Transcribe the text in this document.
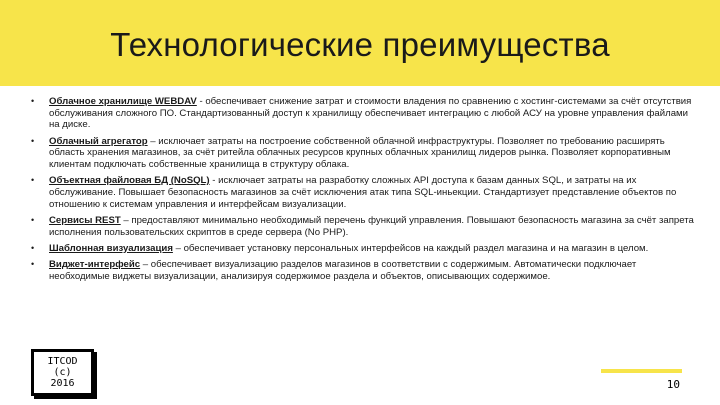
Технологические преимущества
• Облачное хранилище WEBDAV - обеспечивает снижение затрат и стоимости владения по сравнению с хостинг-системами за счёт отсутствия обслуживания сложного ПО. Стандартизованный доступ к хранилищу обеспечивает интеграцию с любой АСУ на уровне управления файлами на диске.
• Облачный агрегатор – исключает затраты на построение собственной облачной инфраструктуры. Позволяет по требованию расширять область хранения магазинов, за счёт ритейла облачных ресурсов крупных облачных хранилищ лидеров рынка. Позволяет корпоративным клиентам подключать собственные хранилища в структуру облака.
• Объектная файловая БД (NoSQL) - исключает затраты на разработку сложных API доступа к базам данных SQL, и затраты на их обслуживание. Повышает безопасность магазинов за счёт исключения атак типа SQL-иньекции. Стандартизует представление объектов по отношению к системам управления и интерфейсам визуализации.
• Сервисы REST – предоставляют минимально необходимый перечень функций управления. Повышают безопасность магазина за счёт запрета исполнения пользовательских скриптов в среде сервера (No PHP).
• Шаблонная визуализация – обеспечивает установку персональных интерфейсов на каждый раздел магазина и на магазин в целом.
• Виджет-интерфейс – обеспечивает визуализацию разделов магазинов в соответствии с содержимым. Автоматически подключает необходимые виджеты визуализации, анализируя содержимое раздела и объектов, описывающих содержимое.
ITCOD
(c)
2016	10
